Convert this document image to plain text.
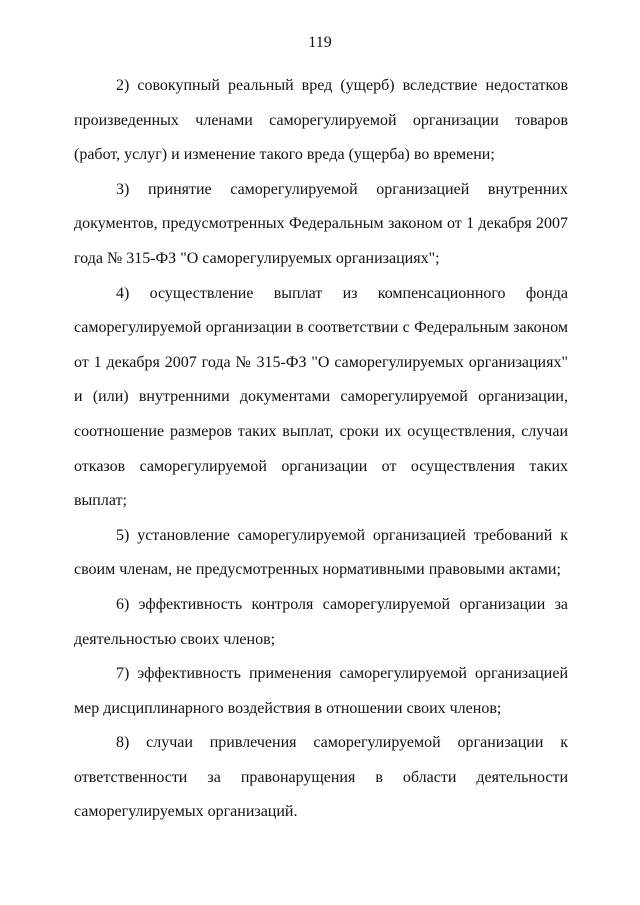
119

2) совокупный реальный вред (ущерб) вследствие недостатков произведенных членами саморегулируемой организации товаров (работ, услуг) и изменение такого вреда (ущерба) во времени;

3) принятие саморегулируемой организацией внутренних документов, предусмотренных Федеральным законом от 1 декабря 2007 года № 315-ФЗ "О саморегулируемых организациях";

4) осуществление выплат из компенсационного фонда саморегулируемой организации в соответствии с Федеральным законом от 1 декабря 2007 года № 315-ФЗ "О саморегулируемых организациях" и (или) внутренними документами саморегулируемой организации, соотношение размеров таких выплат, сроки их осуществления, случаи отказов саморегулируемой организации от осуществления таких выплат;

5) установление саморегулируемой организацией требований к своим членам, не предусмотренных нормативными правовыми актами;

6) эффективность контроля саморегулируемой организации за деятельностью своих членов;

7) эффективность применения саморегулируемой организацией мер дисциплинарного воздействия в отношении своих членов;

8) случаи привлечения саморегулируемой организации к ответственности за правонарущения в области деятельности саморегулируемых организаций.
